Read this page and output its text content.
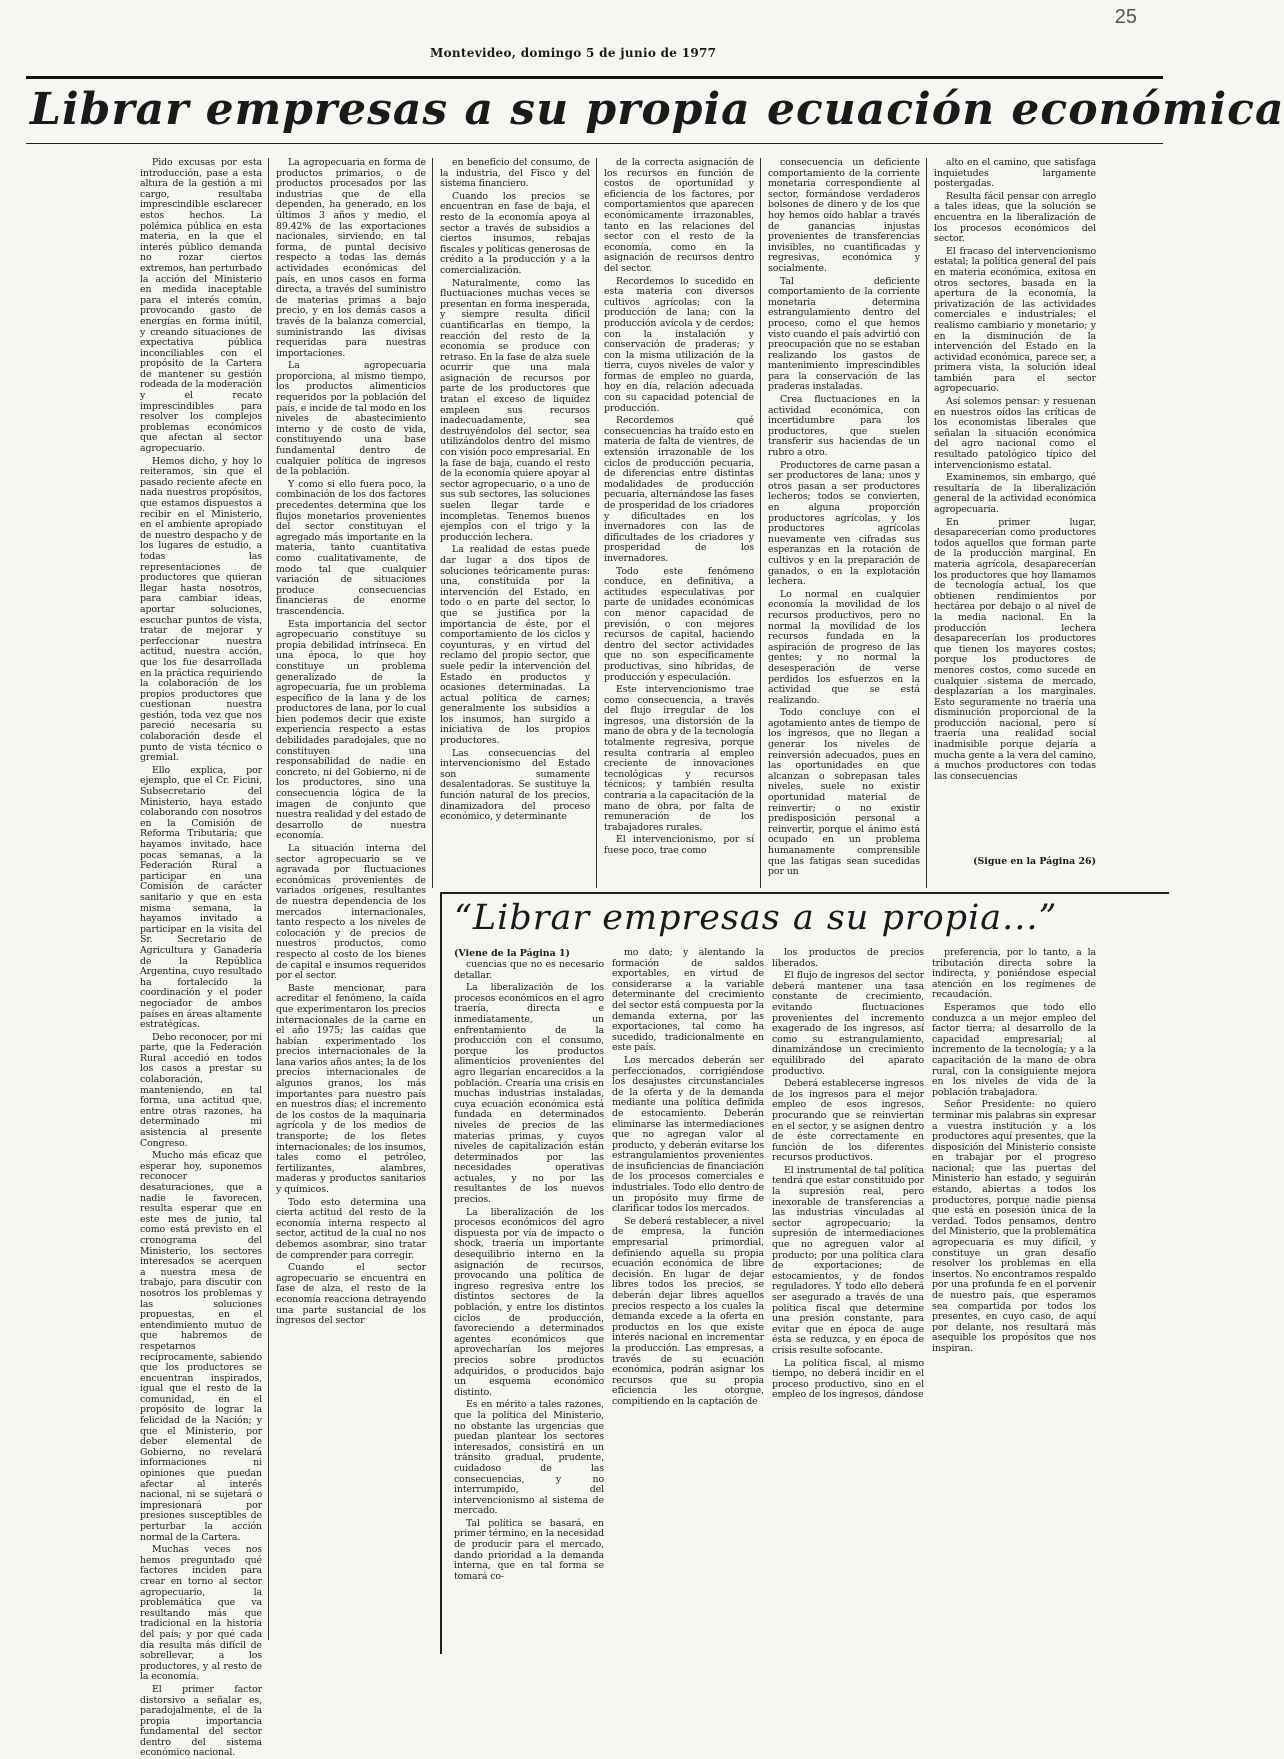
25
Montevideo, domingo 5 de junio de 1977
Librar empresas a su propia ecuación económica

Pido excusas por esta introducción, pase a esta altura de la gestión a mi cargo, resultaba imprescindible esclarecer estos hechos. La polémica pública en esta materia, en la que el interés público demanda no rozar ciertos extremos, han perturbado la acción del Ministerio en medida inaceptable para el interés común, provocando gasto de energías en forma inútil, y creando situaciones de expectativa pública inconciliables con el propósito de la Cartera de mantener su gestión rodeada de la moderación y el recato imprescindibles para resolver los complejos problemas económicos que afectan al sector agropecuario.

Hemos dicho, y hoy lo reiteramos, sin que el pasado reciente afecte en nada nuestros propósitos, que estamos dispuestos a recibir en el Ministerio, en el ambiente apropiado de nuestro despacho y de los lugares de estudio, a todas las representaciones de productores que quieran llegar hasta nosotros, para cambiar ideas, aportar soluciones, escuchar puntos de vista, tratar de mejorar y perfeccionar nuestra actitud, nuestra acción, que los fue desarrollada en la práctica requiriendo la colaboración de los propios productores que cuestionan nuestra gestión, toda vez que nos pareció necesaria su colaboración desde el punto de vista técnico o gremial.

Ello explica, por ejemplo, que el Cr. Ficini, Subsecretario del Ministerio, haya estado colaborando con nosotros en la Comisión de Reforma Tributaria; que hayamos invitado, hace pocas semanas, a la Federación Rural a participar en una Comisión de carácter sanitario y que en esta misma semana, la hayamos invitado a participar en la visita del Sr. Secretario de Agricultura y Ganadería de la República Argentina, cuyo resultado ha fortalecido la coordinación y el poder negociador de ambos países en áreas altamente estratégicas.

Debo reconocer, por mi parte, que la Federación Rural accedió en todos los casos a prestar su colaboración, manteniendo, en tal forma, una actitud que, entre otras razones, ha determinado mi asistencia al presente Congreso.

Mucho más eficaz que esperar hoy, suponemos reconocer desaturaciones, que a nadie le favorecen, resulta esperar que en este mes de junio, tal como está previsto en el cronograma del Ministerio, los sectores interesados se acerquen a nuestra mesa de trabajo, para discutir con nosotros los problemas y las soluciones propuestas, en el entendimiento mutuo de que habremos de respetarnos recíprocamente, sabiendo que los productores se encuentran inspirados, igual que el resto de la comunidad, en el propósito de lograr la felicidad de la Nación; y que el Ministerio, por deber elemental de Gobierno, no revelará informaciones ni opiniones que puedan afectar al interés nacional, ni se sujetará o impresionará por presiones susceptibles de perturbar la acción normal de la Cartera.

Muchas veces nos hemos preguntado qué factores inciden para crear en torno al sector agropecuario, la problemática que va resultando más que tradicional en la historia del país; y por qué cada día resulta más difícil de sobrellevar, a los productores, y al resto de la economía.

El primer factor distorsivo a señalar es, paradojalmente, el de la propia importancia fundamental del sector dentro del sistema económico nacional.

La agropecuaria en forma de productos primarios, o de productos procesados por las industrias que de ella dependen, ha generado, en los últimos 3 años y medio, el 89.42% de las exportaciones nacionales, sirviendo, en tal forma, de puntal decisivo respecto a todas las demás actividades económicas del país, en unos casos en forma directa, a través del suministro de materias primas a bajo precio, y en los demás casos a través de la balanza comercial, suministrando las divisas requeridas para nuestras importaciones.

La agropecuaria proporciona, al mismo tiempo, los productos alimenticios requeridos por la población del país, e incide de tal modo en los niveles de abastecimiento interno y de costo de vida, constituyendo una base fundamental dentro de cualquier política de ingresos de la población.

Y como si ello fuera poco, la combinación de los dos factores precedentes determina que los flujos monetarios provenientes del sector constituyan el agregado más importante en la materia, tanto cuantitativa como cualitativamente, de modo tal que cualquier variación de situaciones produce consecuencias financieras de enorme trascendencia.

Esta importancia del sector agropecuario constituye su propia debilidad intrínseca. En una época, lo que hoy constituye un problema generalizado de la agropecuaria, fue un problema específico de la lana y de los productores de lana, por lo cual bien podemos decir que existe experiencia respecto a estas debilidades paradojales, que no constituyen una responsabilidad de nadie en concreto, ni del Gobierno, ni de los productores, sino una consecuencia lógica de la imagen de conjunto que nuestra realidad y del estado de desarrollo de nuestra economía.

La situación interna del sector agropecuario se ve agravada por fluctuaciones económicas provenientes de variados orígenes, resultantes de nuestra dependencia de los mercados internacionales, tanto respecto a los niveles de colocación y de precios de nuestros productos, como respecto al costo de los bienes de capital e insumos requeridos por el sector.

Baste mencionar, para acreditar el fenómeno, la caída que experimentaron los precios internacionales de la carne en el año 1975; las caídas que habían experimentado los precios internacionales de la lana varios años antes; la de los precios internacionales de algunos granos, los más importantes para nuestro país en nuestros días; el incremento de los costos de la maquinaria agrícola y de los medios de transporte; de los fletes internacionales; de los insumos, tales como el petróleo, fertilizantes, alambres, maderas y productos sanitarios y químicos.

Todo esto determina una cierta actitud del resto de la economía interna respecto al sector, actitud de la cual no nos debemos asombrar, sino tratar de comprender para corregir.

Cuando el sector agropecuario se encuentra en fase de alza, el resto de la economía reacciona detrayendo una parte sustancial de los ingresos del sector

en beneficio del consumo, de la industria, del Fisco y del sistema financiero.

Cuando los precios se encuentran en fase de baja, el resto de la economía apoya al sector a través de subsidios a ciertos insumos, rebajas fiscales y políticas generosas de crédito a la producción y a la comercialización.

Naturalmente, como las fluctuaciones muchas veces se presentan en forma inesperada, y siempre resulta difícil cuantificarlas en tiempo, la reacción del resto de la economía se produce con retraso. En la fase de alza suele ocurrir que una mala asignación de recursos por parte de los productores que tratan el exceso de liquidez empleen sus recursos inadecuadamente, sea destruyéndolos del sector, sea utilizándolos dentro del mismo con visión poco empresarial. En la fase de baja, cuando el resto de la economía quiere apoyar al sector agropecuario, o a uno de sus sub sectores, las soluciones suelen llegar tarde e incompletas. Tenemos buenos ejemplos con el trigo y la producción lechera.

La realidad de estas puede dar lugar a dos tipos de soluciones teóricamente puras: una, constituida por la intervención del Estado, en todo o en parte del sector, lo que se justifica por la importancia de éste, por el comportamiento de los ciclos y coyunturas, y en virtud del reclamo del propio sector, que suele pedir la intervención del Estado en productos y ocasiones determinadas. La actual política de carnes; generalmente los subsidios a los insumos, han surgido a iniciativa de los propios productores.

Las consecuencias del intervencionismo del Estado son sumamente desalentadoras. Se sustituye la función natural de los precios, dinamizadora del proceso económico, y determinante

de la correcta asignación de los recursos en función de costos de oportunidad y eficiencia de los factores, por comportamientos que aparecen económicamente irrazonables, tanto en las relaciones del sector con el resto de la economía, como en la asignación de recursos dentro del sector.

Recordemos lo sucedido en esta materia con diversos cultivos agrícolas; con la producción de lana; con la producción avícola y de cerdos; con la instalación y conservación de praderas; y con la misma utilización de la tierra, cuyos niveles de valor y formas de empleo no guarda, hoy en día, relación adecuada con su capacidad potencial de producción.

Recordemos qué consecuencias ha traído esto en materia de falta de vientres, de extensión irrazonable de los ciclos de producción pecuaria, de diferencias entre distintas modalidades de producción pecuaria, alternándose las fases de prosperidad de los criadores y dificultades en los invernadores con las de dificultades de los criadores y prosperidad de los invernadores.

Todo este fenómeno conduce, en definitiva, a actitudes especulativas por parte de unidades económicas con menor capacidad de previsión, o con mejores recursos de capital, haciendo dentro del sector actividades que no son específicamente productivas, sino híbridas, de producción y especulación.

Este intervencionismo trae como consecuencia, a través del flujo irregular de los ingresos, una distorsión de la mano de obra y de la tecnología totalmente regresiva, porque resulta contraria al empleo creciente de innovaciones tecnológicas y recursos técnicos; y también resulta contraria a la capacitación de la mano de obra, por falta de remuneración de los trabajadores rurales.

El intervencionismo, por sí fuese poco, trae como

consecuencia un deficiente comportamiento de la corriente monetaria correspondiente al sector, formándose verdaderos bolsones de dinero y de los que hoy hemos oído hablar a través de ganancias injustas provenientes de transferencias invisibles, no cuantificadas y regresivas, económica y socialmente.

Tal deficiente comportamiento de la corriente monetaria determina estrangulamiento dentro del proceso, como el que hemos visto cuando el país advirtió con preocupación que no se estaban realizando los gastos de mantenimiento imprescindibles para la conservación de las praderas instaladas.

Crea fluctuaciones en la actividad económica, con incertidumbre para los productores, que suelen transferir sus haciendas de un rubro a otro.

Productores de carne pasan a ser productores de lana; unos y otros pasan a ser productores lecheros; todos se convierten, en alguna proporción productores agrícolas, y los productores agrícolas nuevamente ven cifradas sus esperanzas en la rotación de cultivos y en la preparación de ganados, o en la explotación lechera.

Lo normal en cualquier economía la movilidad de los recursos productivos, pero no normal la movilidad de los recursos fundada en la aspiración de progreso de las gentes; y no normal la desesperación de verse perdidos los esfuerzos en la actividad que se está realizando.

Todo concluye con el agotamiento antes de tiempo de los ingresos, que no llegan a generar los niveles de reinversión adecuados, pues en las oportunidades en que alcanzan o sobrepasan tales niveles, suele no existir oportunidad material de reinvertir; o no existir predisposición personal a reinvertir, porque el ánimo está ocupado en un problema humanamente comprensible que las fatigas sean sucedidas por un

alto en el camino, que satisfaga inquietudes largamente postergadas.

Resulta fácil pensar con arreglo a tales ideas, que la solución se encuentra en la liberalización de los procesos económicos del sector.

El fracaso del intervencionismo estatal; la política general del país en materia económica, exitosa en otros sectores, basada en la apertura de la economía, la privatización de las actividades comerciales e industriales; el realismo cambiario y monetario; y en la disminución de la intervención del Estado en la actividad económica, parece ser, a primera vista, la solución ideal también para el sector agropecuario.

Así solemos pensar: y resuenan en nuestros oídos las críticas de los economistas liberales que señalan la situación económica del agro nacional como el resultado patológico típico del intervencionismo estatal.

Examinemos, sin embargo, qué resultaría de la liberalización general de la actividad económica agropecuaria.

En primer lugar, desaparecerían como productores todos aquellos que forman parte de la producción marginal. En materia agrícola, desaparecerían los productores que hoy llamamos de tecnología actual, los que obtienen rendimientos por hectárea por debajo o al nivel de la media nacional. En la producción lechera desaparecerían los productores que tienen los mayores costos; porque los productores de menores costos, como sucede en cualquier sistema de mercado, desplazarían a los marginales. Esto seguramente no traería una disminución proporcional de la producción nacional, pero sí traería una realidad social inadmisible porque dejaría a mucha gente a la vera del camino, a muchos productores con todas las consecuencias

(Sigue en la Página 26)
“Librar empresas a su propia...”
(Viene de la Página 1)

cuencias que no es necesario detallar.

La liberalización de los procesos económicos en el agro traería, directa e inmediatamente, un enfrentamiento de la producción con el consumo, porque los productos alimenticios provenientes del agro llegarían encarecidos a la población. Crearía una crisis en muchas industrias instaladas, cuya ecuación económica está fundada en determinados niveles de precios de las materias primas, y cuyos niveles de capitalización están determinados por las necesidades operativas actuales, y no por las resultantes de los nuevos precios.

La liberalización de los procesos económicos del agro dispuesta por vía de impacto o shock, traería un importante desequilibrio interno en la asignación de recursos, provocando una política de ingreso regresiva entre los distintos sectores de la población, y entre los distintos ciclos de producción, favoreciendo a determinados agentes económicos que aprovecharían los mejores precios sobre productos adquiridos, o producidos bajo un esquema económico distinto.

Es en mérito a tales razones, que la política del Ministerio, no obstante las urgencias que puedan plantear los sectores interesados, consistirá en un tránsito gradual, prudente, cuidadoso de las consecuencias, y no interrumpido, del intervencionismo al sistema de mercado.

Tal política se basará, en primer término, en la necesidad de producir para el mercado, dando prioridad a la demanda interna, que en tal forma se tomará co-

mo dato; y alentando la formación de saldos exportables, en virtud de considerarse a la variable determinante del crecimiento del sector está compuesta por la demanda externa, por las exportaciones, tal como ha sucedido, tradicionalmente en este país.

Los mercados deberán ser perfeccionados, corrigiéndose los desajustes circunstanciales de la oferta y de la demanda mediante una política definida de estocamiento. Deberán eliminarse las intermediaciones que no agregan valor al producto, y deberán evitarse los estrangulamientos provenientes de insuficiencias de financiación de los procesos comerciales e industriales. Todo ello dentro de un propósito muy firme de clarificar todos los mercados.

Se deberá restablecer, a nivel de empresa, la función empresarial primordial, definiendo aquella su propia ecuación económica de libre decisión. En lugar de dejar libres todos los precios, se deberán dejar libres aquellos precios respecto a los cuales la demanda excede a la oferta en productos en los que existe interés nacional en incrementar la producción. Las empresas, a través de su ecuación económica, podrán asignar los recursos que su propia eficiencia les otorgue, compitiendo en la captación de

los productos de precios liberados.

El flujo de ingresos del sector deberá mantener una tasa constante de crecimiento, evitando fluctuaciones provenientes del incremento exagerado de los ingresos, así como su estrangulamiento, dinamizándose un crecimiento equilibrado del aparato productivo.

Deberá establecerse ingresos de los ingresos para el mejor empleo de esos ingresos, procurando que se reinviertan en el sector, y se asignen dentro de éste correctamente en función de los diferentes recursos productivos.

El instrumental de tal política tendrá que estar constituido por la supresión real, pero inexorable de transferencias a las industrias vinculadas al sector agropecuario; la supresión de intermediaciones que no agreguen valor al producto; por una política clara de exportaciones; de estocamientos, y de fondos reguladores. Y todo ello deberá ser asegurado a través de una política fiscal que determine una presión constante, para evitar que en época de auge ésta se reduzca, y en época de crisis resulte sofocante.

La política fiscal, al mismo tiempo, no deberá incidir en el proceso productivo, sino en el empleo de los ingresos, dándose

preferencia, por lo tanto, a la tributación directa sobre la indirecta, y poniéndose especial atención en los regímenes de recaudación.

Esperamos que todo ello conduzca a un mejor empleo del factor tierra; al desarrollo de la capacidad empresarial; al incremento de la tecnología; y a la capacitación de la mano de obra rural, con la consiguiente mejora en los niveles de vida de la población trabajadora.

Señor Presidente: no quiero terminar mis palabras sin expresar a vuestra institución y a los productores aquí presentes, que la disposición del Ministerio consiste en trabajar por el progreso nacional; que las puertas del Ministerio han estado, y seguirán estando, abiertas a todos los productores, porque nadie piensa que está en posesión única de la verdad. Todos pensamos, dentro del Ministerio, que la problemática agropecuaria es muy difícil, y constituye un gran desafío resolver los problemas en ella insertos. No encontramos respaldo por una profunda fe en el porvenir de nuestro país, que esperamos sea compartida por todos los presentes, en cuyo caso, de aquí por delante, nos resultará más asequible los propósitos que nos inspiran.
